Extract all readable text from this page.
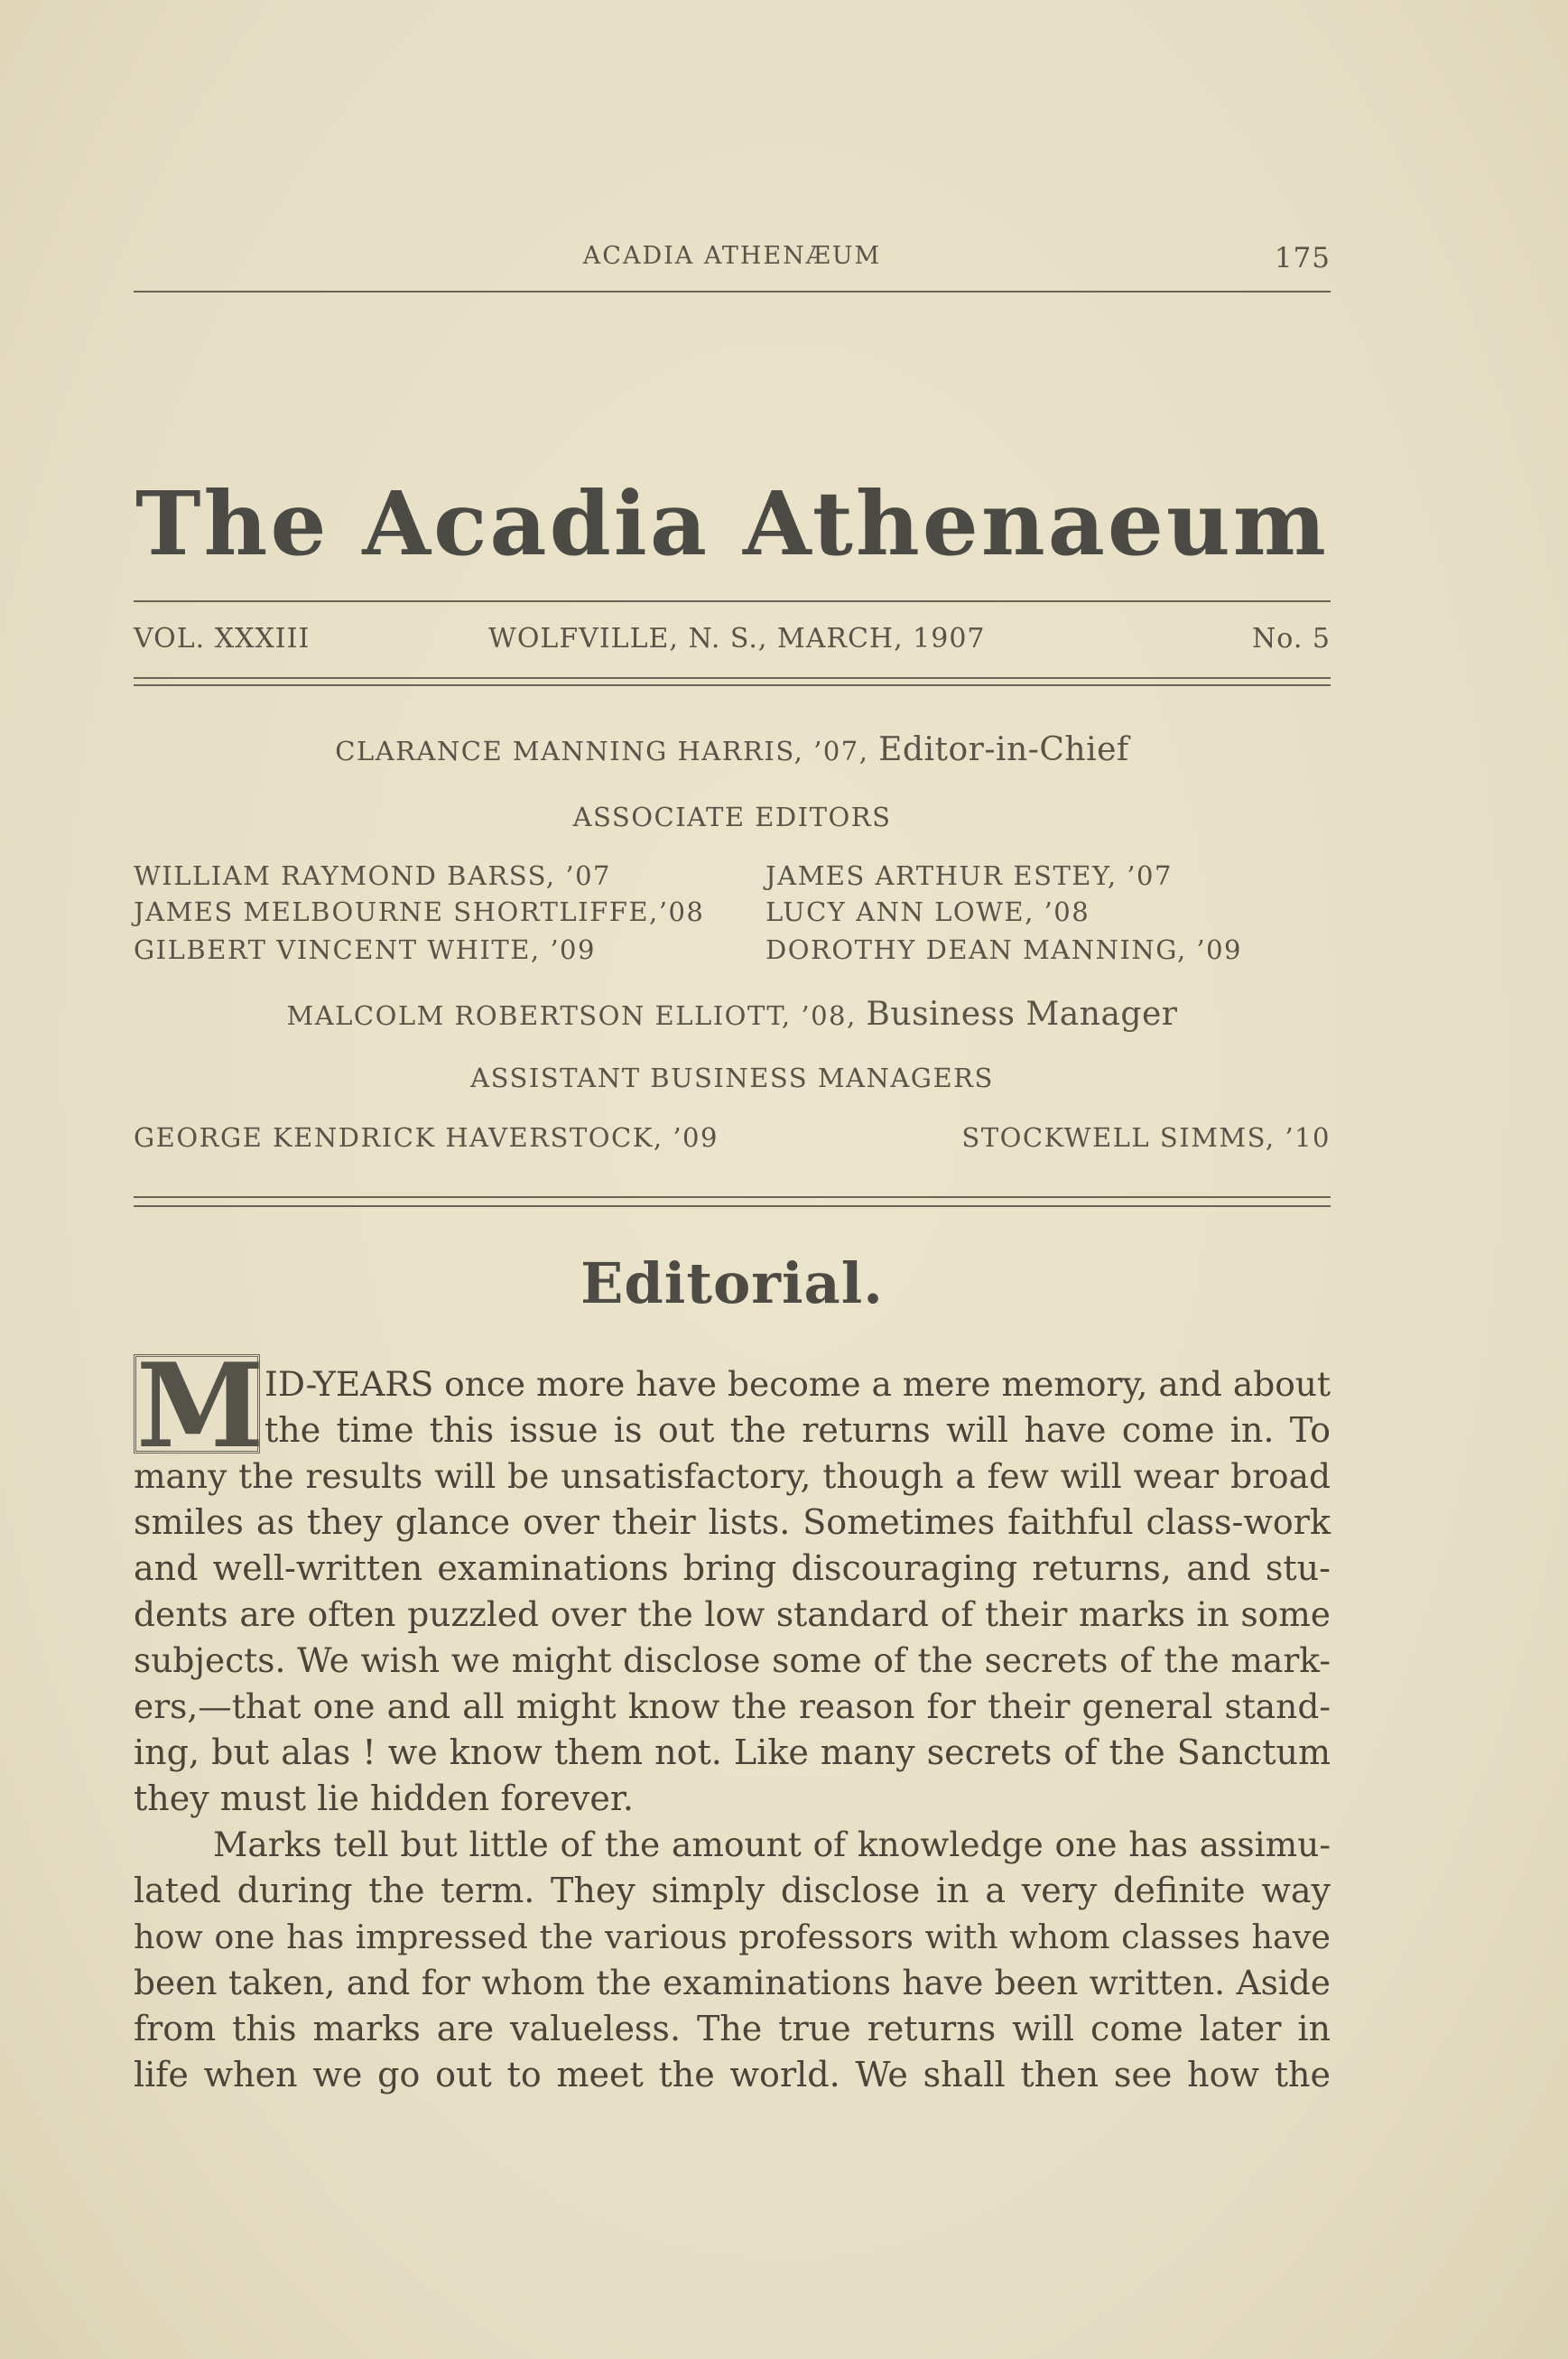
ACADIA ATHENÆUM	175
The Acadia Athenaeum
VOL. XXXIII	WOLFVILLE, N. S., MARCH, 1907	No. 5
CLARANCE MANNING HARRIS, ’07, Editor-in-Chief
ASSOCIATE EDITORS
WILLIAM RAYMOND BARSS, ’07	JAMES ARTHUR ESTEY, ’07
JAMES MELBOURNE SHORTLIFFE,’08 LUCY ANN LOWE, ’08
GILBERT VINCENT WHITE, ’09	DOROTHY DEAN MANNING, ’09
MALCOLM ROBERTSON ELLIOTT, ’08, Business Manager
ASSISTANT BUSINESS MANAGERS
GEORGE KENDRICK HAVERSTOCK, ’09	STOCKWELL SIMMS, ’10
Editorial.
M ID-YEARS once more have become a mere memory, and about
the time this issue is out the returns will have come in. To
many the results will be unsatisfactory, though a few will wear broad
smiles as they glance over their lists. Sometimes faithful class-work
and well-written examinations bring discouraging returns, and stu-
dents are often puzzled over the low standard of their marks in some
subjects. We wish we might disclose some of the secrets of the mark-
ers,—that one and all might know the reason for their general stand-
ing, but alas ! we know them not. Like many secrets of the Sanctum
they must lie hidden forever.
Marks tell but little of the amount of knowledge one has assimu-
lated during the term. They simply disclose in a very definite way
how one has impressed the various professors with whom classes have
been taken, and for whom the examinations have been written. Aside
from this marks are valueless. The true returns will come later in
life when we go out to meet the world. We shall then see how the
